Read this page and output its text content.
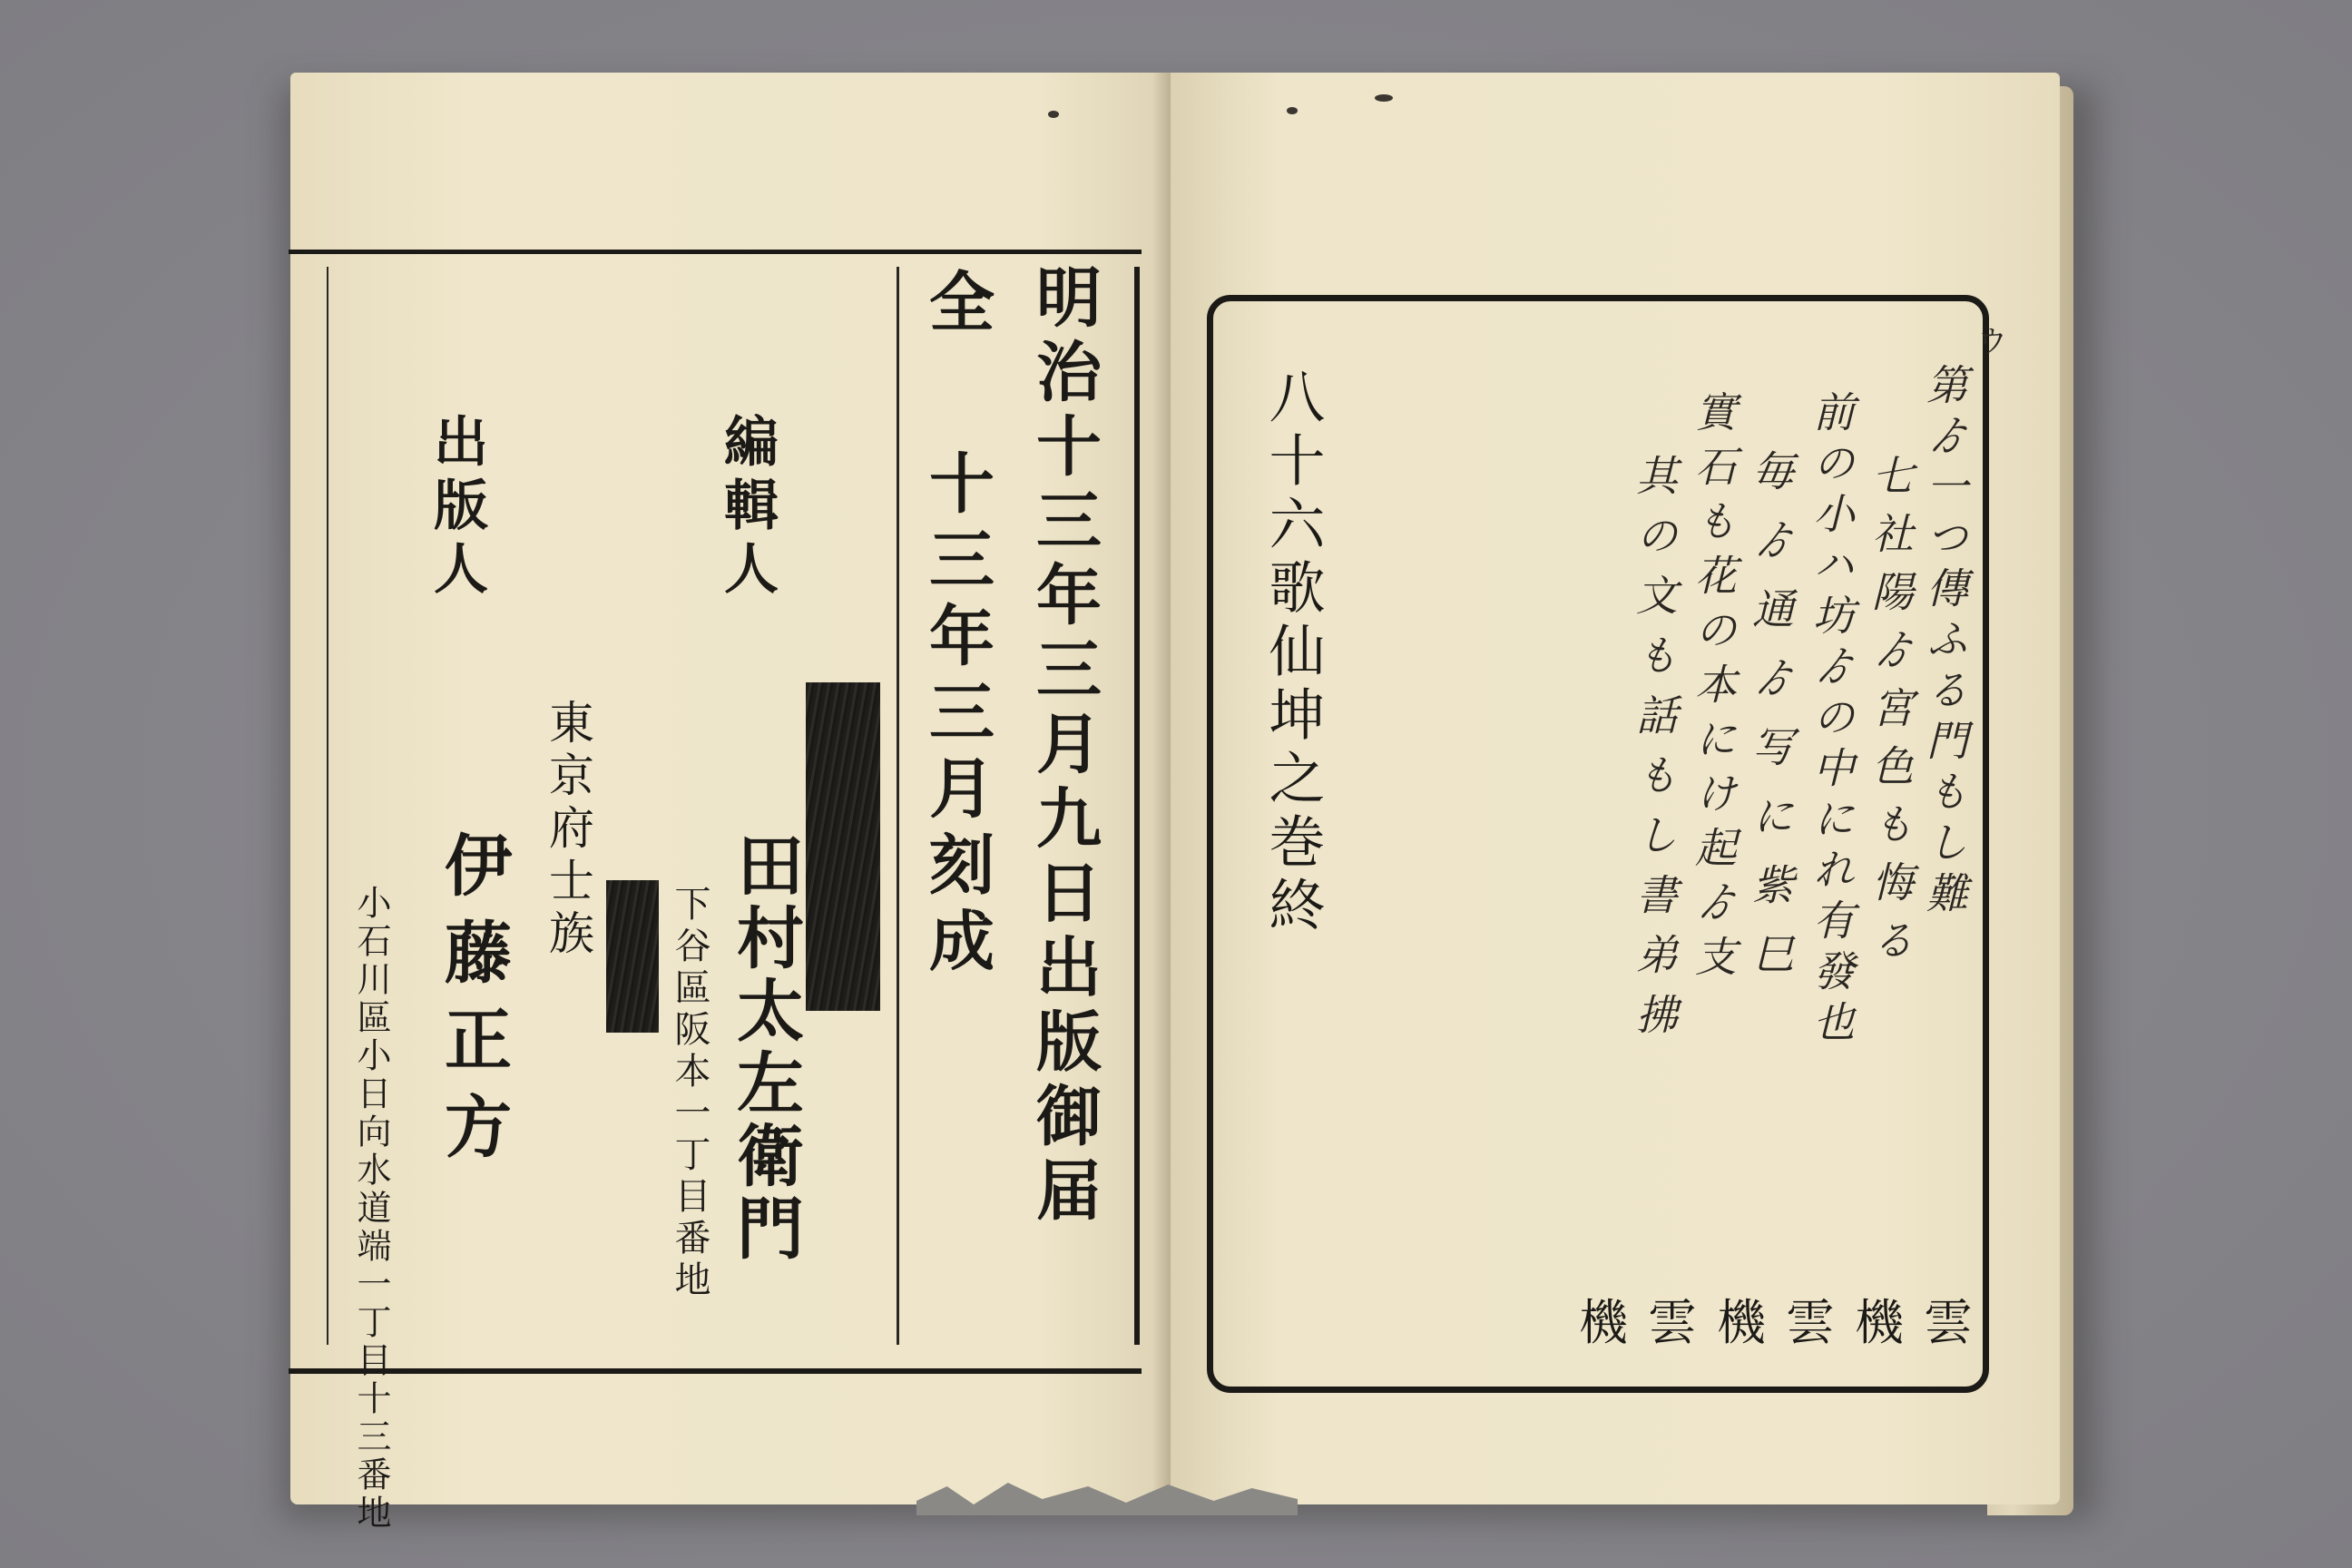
明治十三年三月九日出版御届
全
十三年三月刻成
編輯人
下谷區阪本一丁目番地 田村太左衛門
出版人
東京府士族
伊藤正方
小石川區小日向水道端一丁目十三番地
八十六歌仙坤之巻終
ウ
第ゟ一つ傳ふる門もし難
七社陽ゟ宮色も悔る
前の小ハ坊ゟの中にれ有發也
毎ゟ通ゟ写に紫巳
實石も花の本にけ起ゟ支
其の文も話もし書弟拂
機雲機雲機雲
